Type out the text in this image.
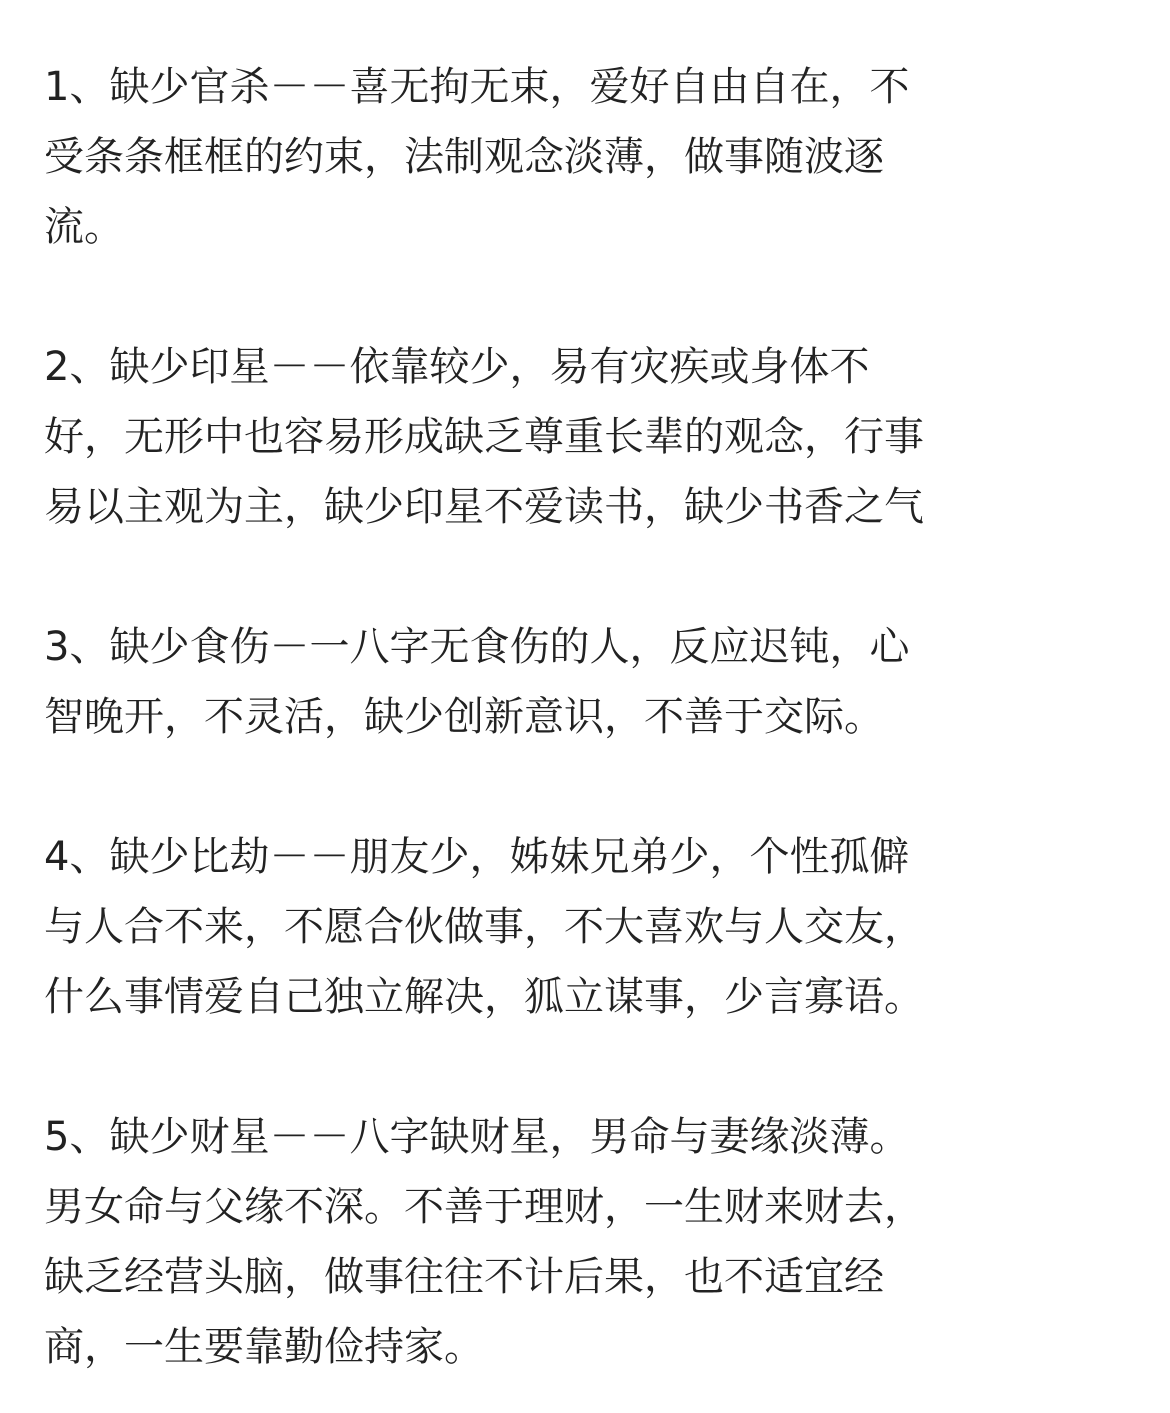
1、缺少官杀－－喜无拘无束，爱好自由自在，不
受条条框框的约束，法制观念淡薄，做事随波逐
流。

2、缺少印星－－依靠较少，易有灾疾或身体不
好，无形中也容易形成缺乏尊重长辈的观念，行事
易以主观为主，缺少印星不爱读书，缺少书香之气

3、缺少食伤－一八字无食伤的人，反应迟钝，心
智晚开，不灵活，缺少创新意识，不善于交际。

4、缺少比劫－－朋友少，姊妹兄弟少，个性孤僻
与人合不来，不愿合伙做事，不大喜欢与人交友，
什么事情爱自己独立解决，狐立谋事，少言寡语。

5、缺少财星－－八字缺财星，男命与妻缘淡薄。
男女命与父缘不深。不善于理财，一生财来财去，
缺乏经营头脑，做事往往不计后果，也不适宜经
商，一生要靠勤俭持家。
